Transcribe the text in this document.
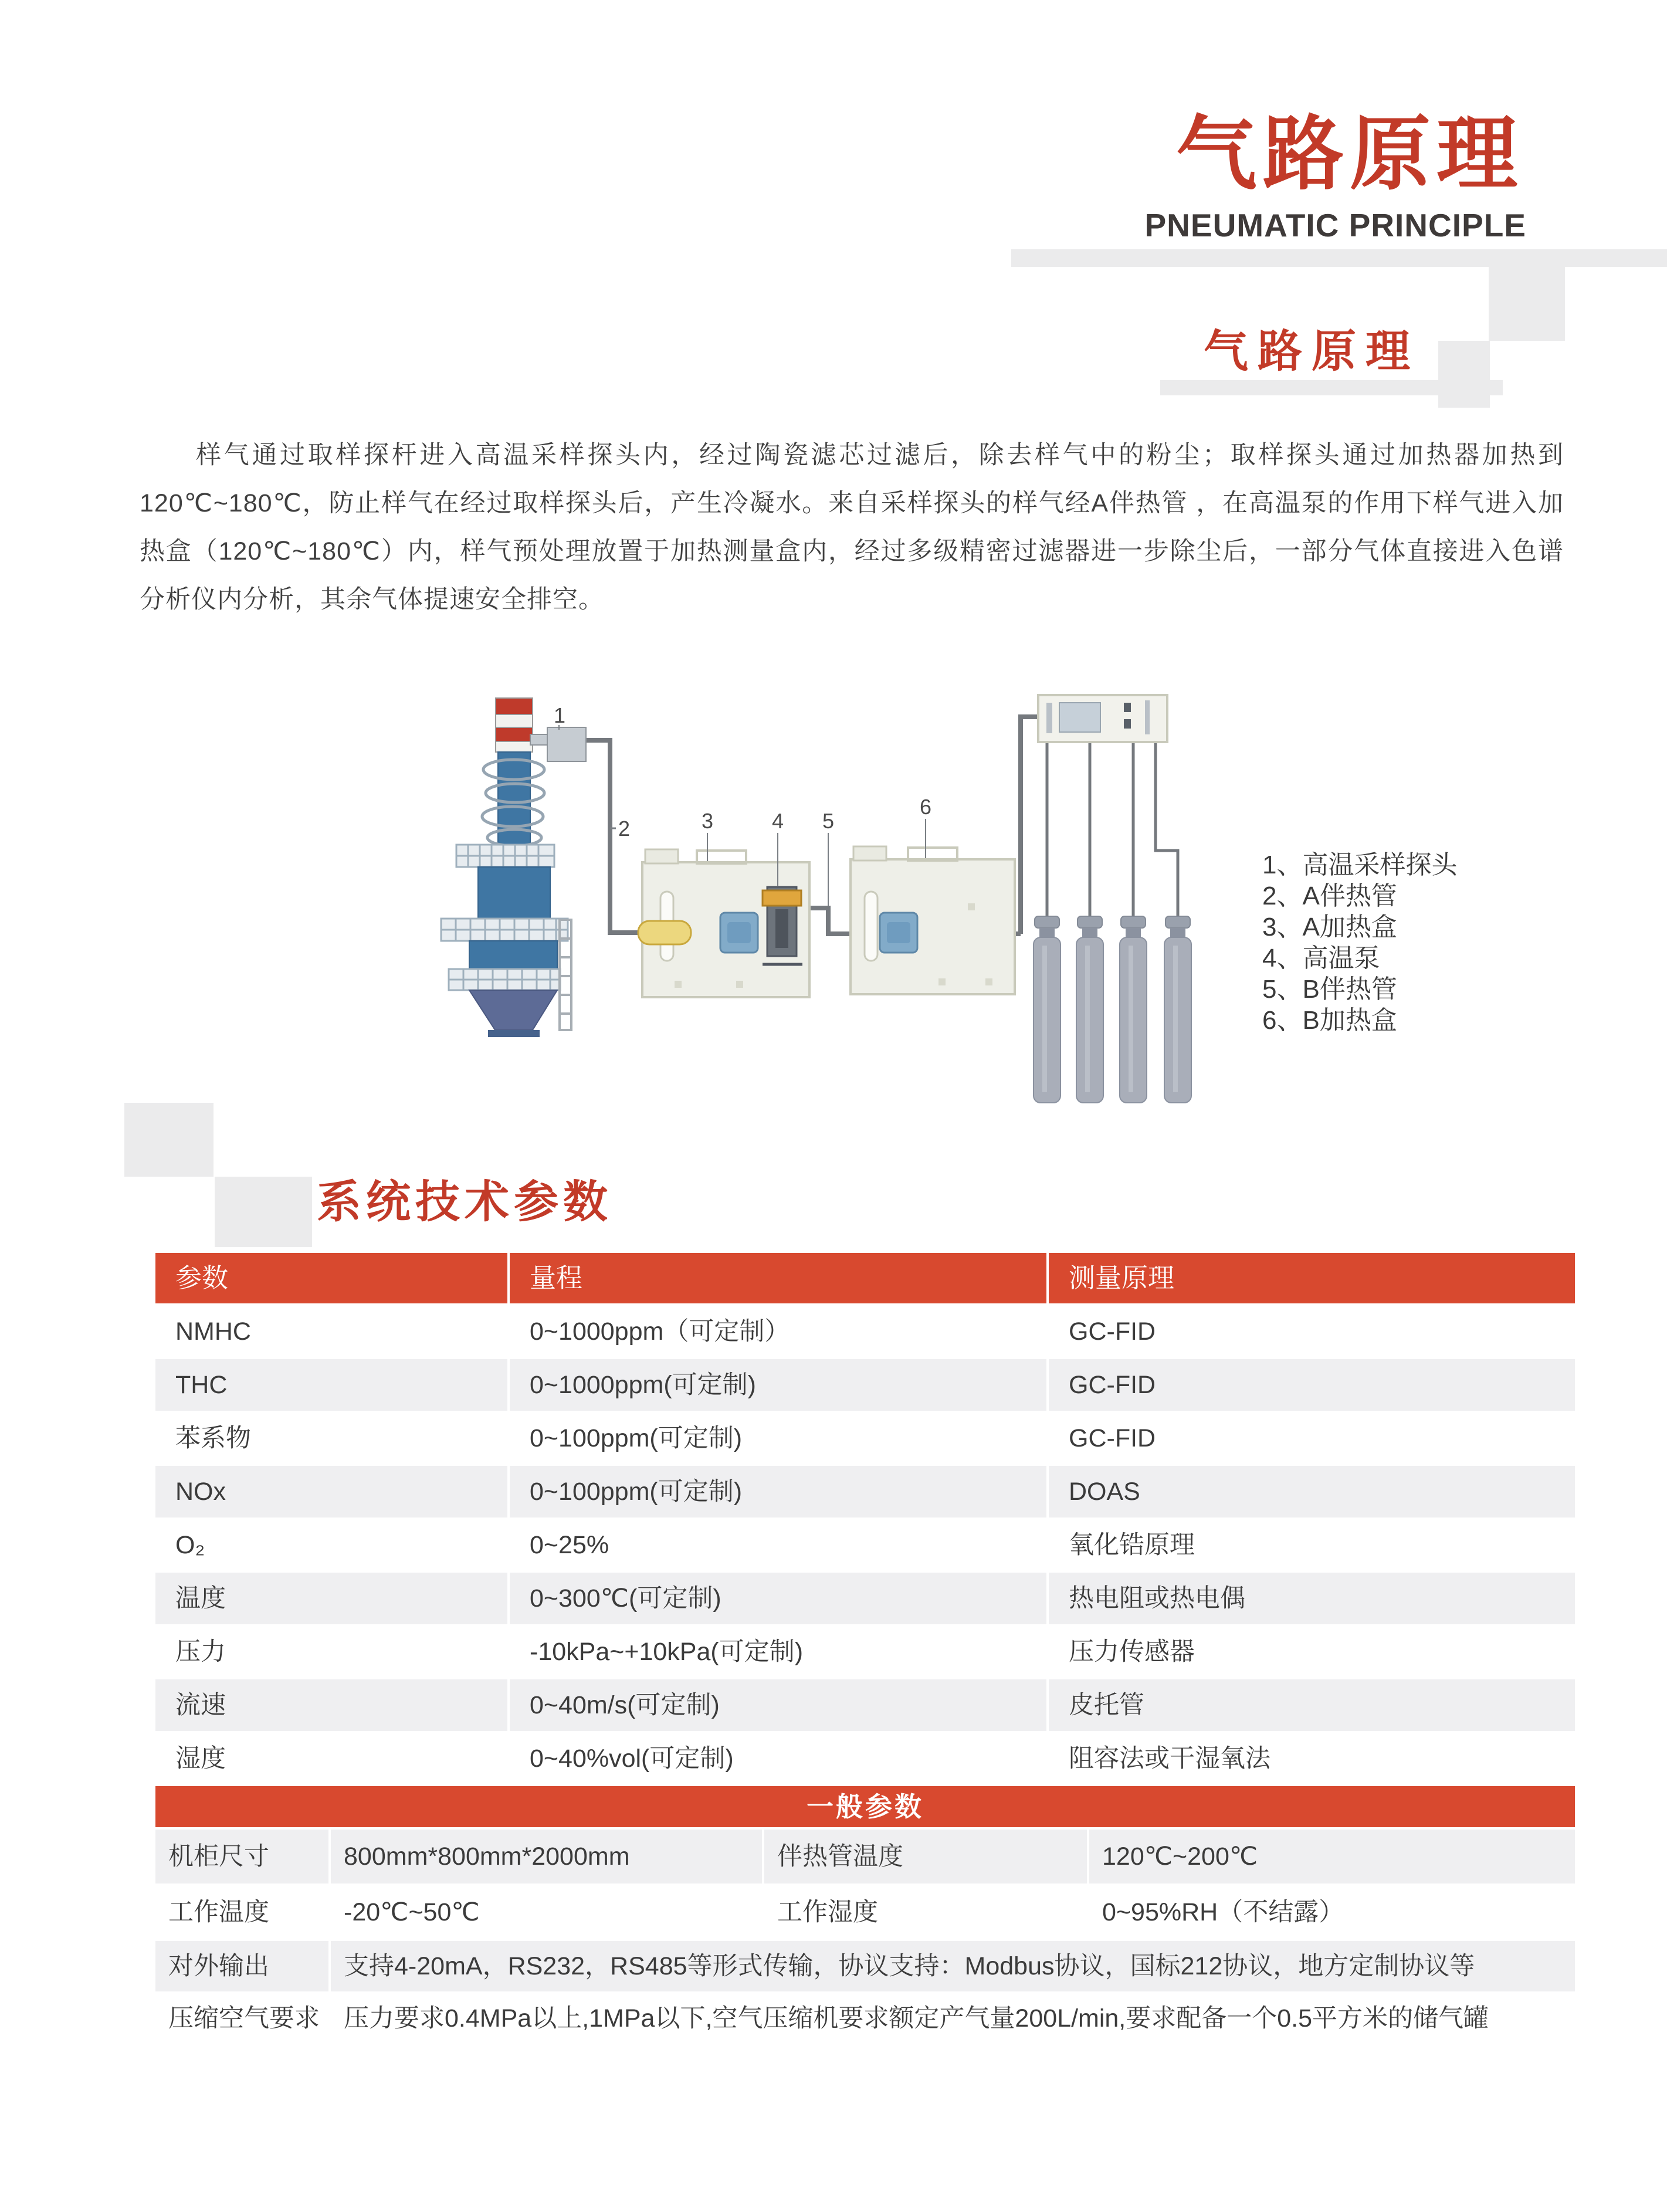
气路原理
PNEUMATIC PRINCIPLE
气路原理

样气通过取样探杆进入高温采样探头内，经过陶瓷滤芯过滤后，除去样气中的粉尘；取样探头通过加热器加热到120℃~180℃，防止样气在经过取样探头后，产生冷凝水。来自采样探头的样气经A伴热管 ，在高温泵的作用下样气进入加热盒（120℃~180℃）内，样气预处理放置于加热测量盒内，经过多级精密过滤器进一步除尘后，一部分气体直接进入色谱分析仪内分析，其余气体提速安全排空。

1
2	3	4 5
6
1、高温采样探头
2、A伴热管
3、A加热盒
4、高温泵
5、B伴热管
6、B加热盒
系统技术参数
参数	量程	测量原理
NMHC	0~1000ppm（可定制）	GC-FID
THC	0~1000ppm(可定制)	GC-FID
苯系物	0~100ppm(可定制)	GC-FID
NOx	0~100ppm(可定制)	DOAS
O₂	0~25%	氧化锆原理
温度	0~300℃(可定制)	热电阻或热电偶
压力	-10kPa~+10kPa(可定制)	压力传感器
流速	0~40m/s(可定制)	皮托管
湿度	0~40%vol(可定制)	阻容法或干湿氧法
一般参数
机柜尺寸	800mm*800mm*2000mm	伴热管温度	120℃~200℃
工作温度	-20℃~50℃	工作湿度	0~95%RH（不结露）
对外输出	支持4-20mA，RS232，RS485等形式传输，协议支持：Modbus协议，国标212协议，地方定制协议等
压缩空气要求 压力要求0.4MPa以上,1MPa以下,空气压缩机要求额定产气量200L/min,要求配备一个0.5平方米的储气罐
